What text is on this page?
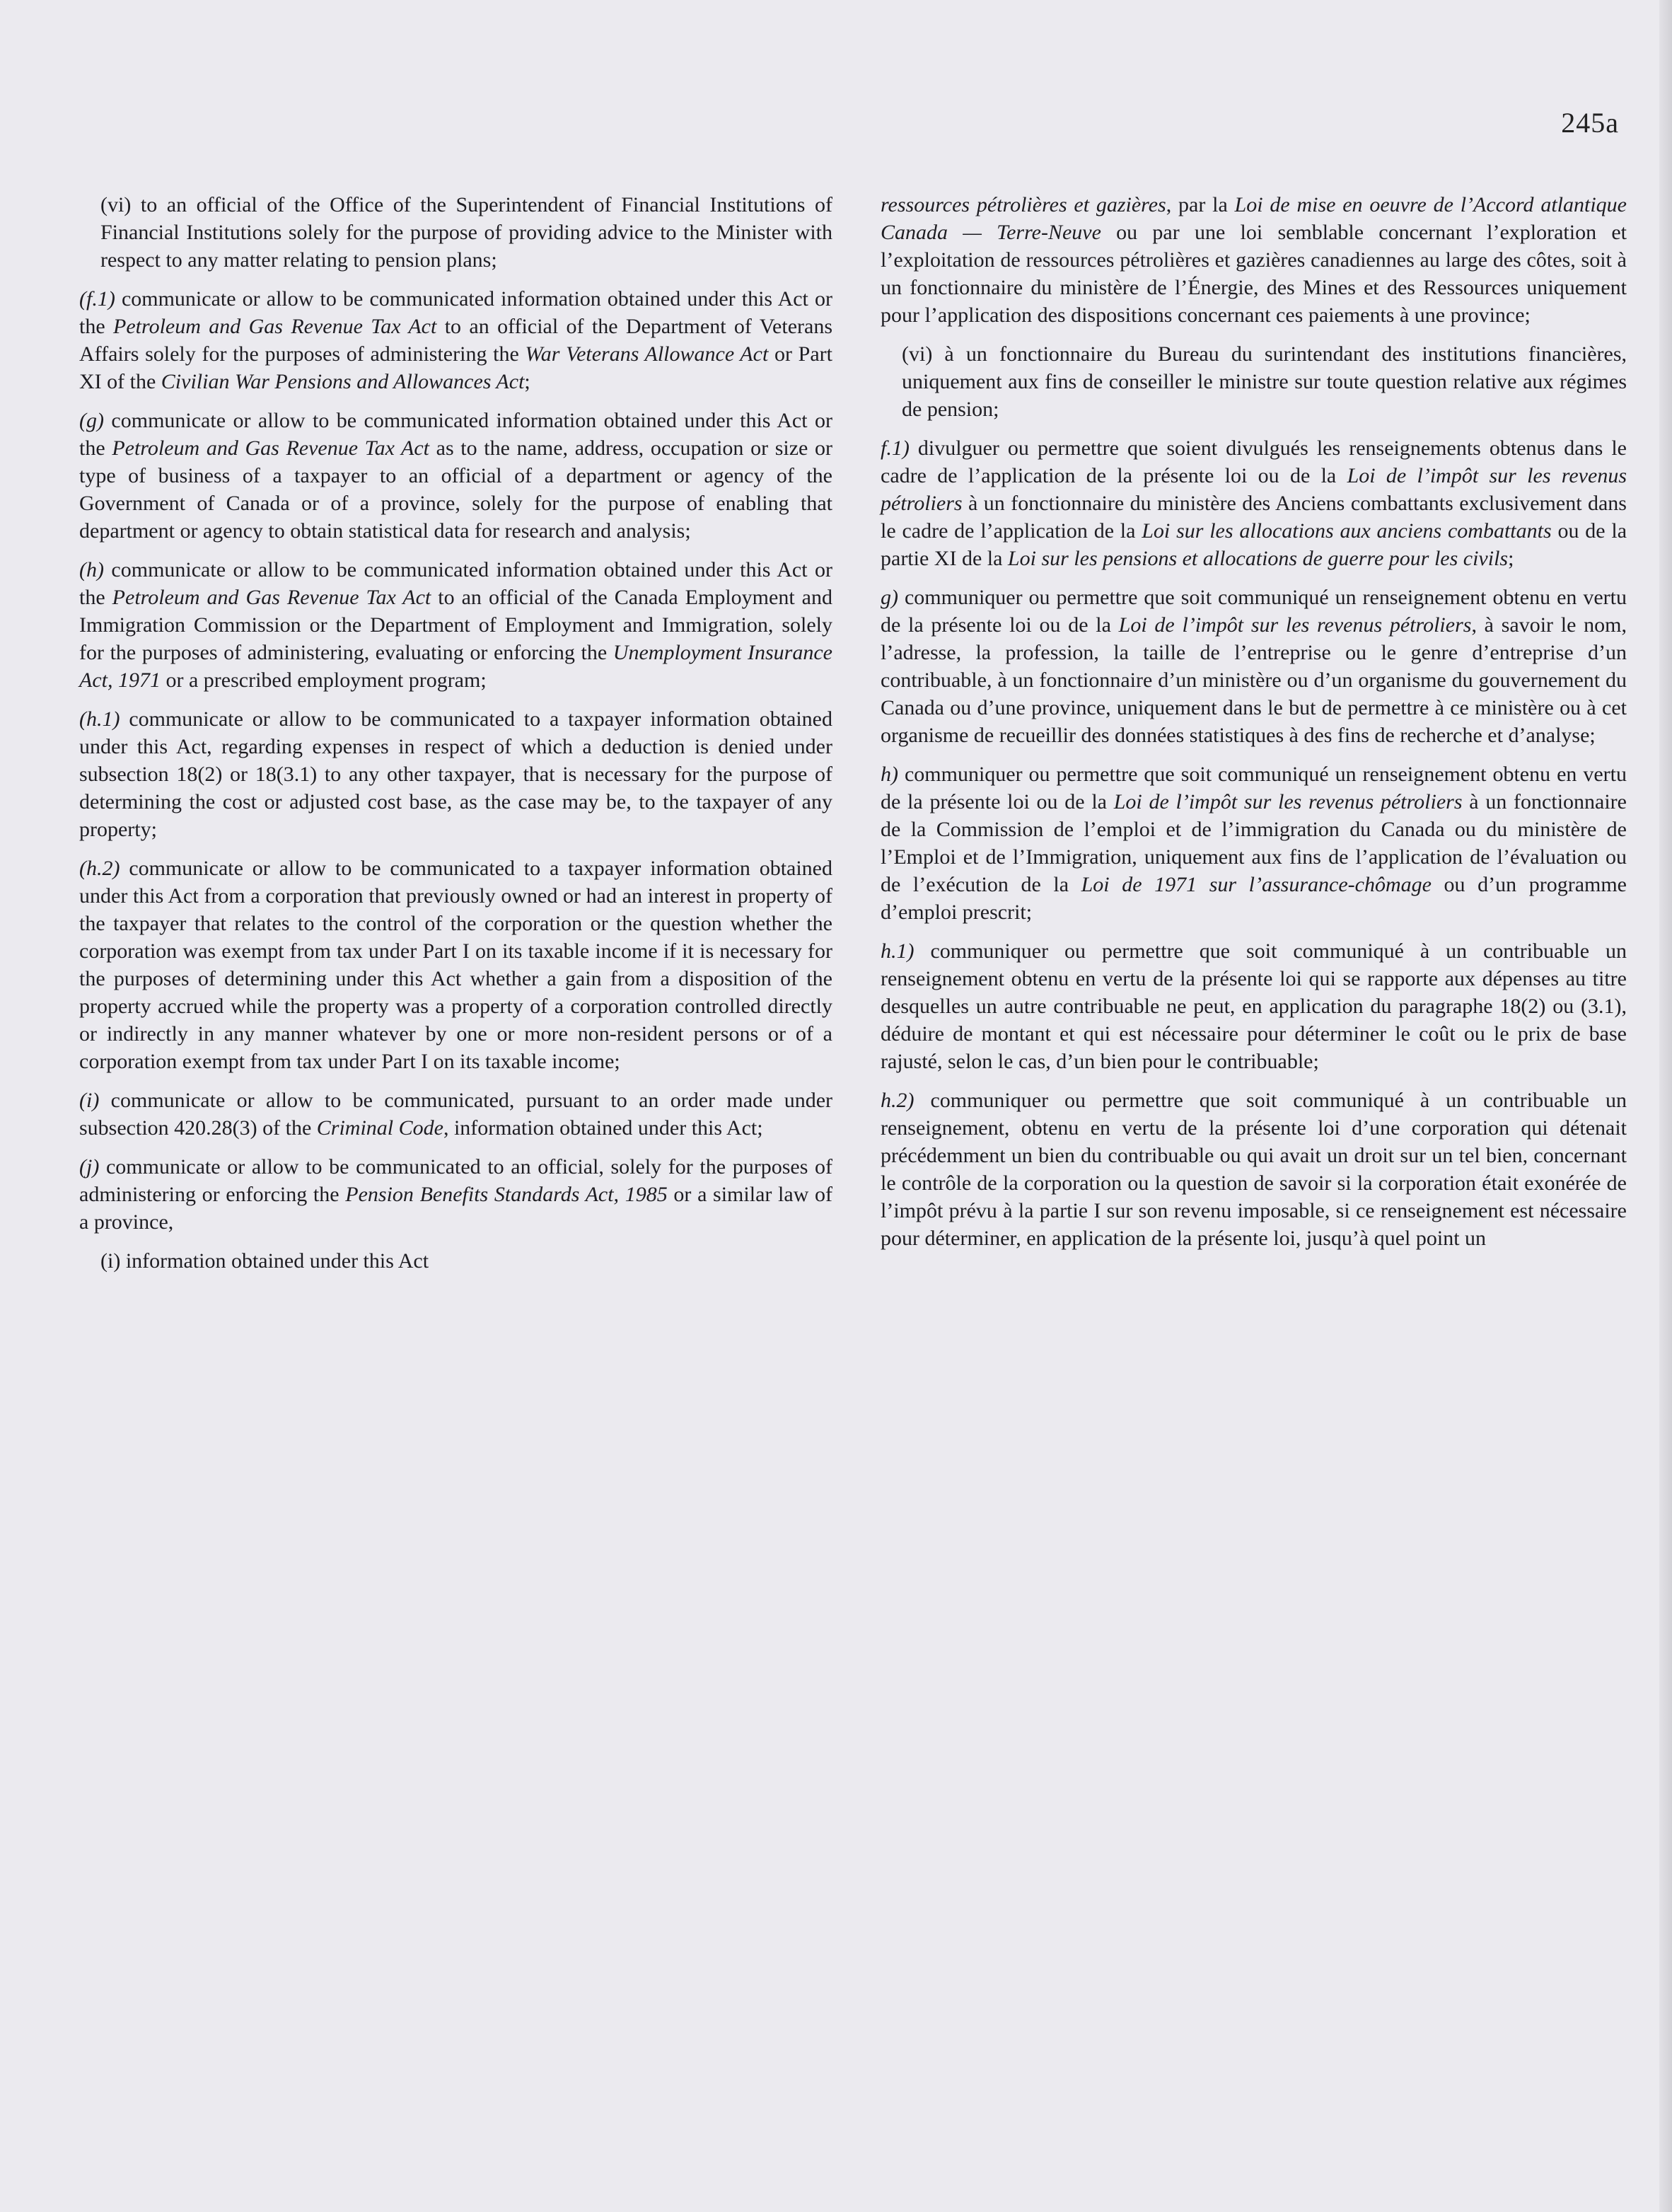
245a

(vi) to an official of the Office of the Superintendent of Financial Institutions of Financial Institutions solely for the purpose of providing advice to the Minister with respect to any matter relating to pension plans;

(f.1) communicate or allow to be communicated information obtained under this Act or the Petroleum and Gas Revenue Tax Act to an official of the Department of Veterans Affairs solely for the purposes of administering the War Veterans Allowance Act or Part XI of the Civilian War Pensions and Allowances Act;

(g) communicate or allow to be communicated information obtained under this Act or the Petroleum and Gas Revenue Tax Act as to the name, address, occupation or size or type of business of a taxpayer to an official of a department or agency of the Government of Canada or of a province, solely for the purpose of enabling that department or agency to obtain statistical data for research and analysis;

(h) communicate or allow to be communicated information obtained under this Act or the Petroleum and Gas Revenue Tax Act to an official of the Canada Employment and Immigration Commission or the Department of Employment and Immigration, solely for the purposes of administering, evaluating or enforcing the Unemployment Insurance Act, 1971 or a prescribed employment program;

(h.1) communicate or allow to be communicated to a taxpayer information obtained under this Act, regarding expenses in respect of which a deduction is denied under subsection 18(2) or 18(3.1) to any other taxpayer, that is necessary for the purpose of determining the cost or adjusted cost base, as the case may be, to the taxpayer of any property;

(h.2) communicate or allow to be communicated to a taxpayer information obtained under this Act from a corporation that previously owned or had an interest in property of the taxpayer that relates to the control of the corporation or the question whether the corporation was exempt from tax under Part I on its taxable income if it is necessary for the purposes of determining under this Act whether a gain from a disposition of the property accrued while the property was a property of a corporation controlled directly or indirectly in any manner whatever by one or more non-resident persons or of a corporation exempt from tax under Part I on its taxable income;

(i) communicate or allow to be communicated, pursuant to an order made under subsection 420.28(3) of the Criminal Code, information obtained under this Act;

(j) communicate or allow to be communicated to an official, solely for the purposes of administering or enforcing the Pension Benefits Standards Act, 1985 or a similar law of a province,

(i) information obtained under this Act

ressources pétrolières et gazières, par la Loi de mise en oeuvre de l’Accord atlantique Canada — Terre-Neuve ou par une loi semblable concernant l’exploration et l’exploitation de ressources pétrolières et gazières canadiennes au large des côtes, soit à un fonctionnaire du ministère de l’Énergie, des Mines et des Ressources uniquement pour l’application des dispositions concernant ces paiements à une province;

(vi) à un fonctionnaire du Bureau du surintendant des institutions financières, uniquement aux fins de conseiller le ministre sur toute question relative aux régimes de pension;

f.1) divulguer ou permettre que soient divulgués les renseignements obtenus dans le cadre de l’application de la présente loi ou de la Loi de l’impôt sur les revenus pétroliers à un fonctionnaire du ministère des Anciens combattants exclusivement dans le cadre de l’application de la Loi sur les allocations aux anciens combattants ou de la partie XI de la Loi sur les pensions et allocations de guerre pour les civils;

g) communiquer ou permettre que soit communiqué un renseignement obtenu en vertu de la présente loi ou de la Loi de l’impôt sur les revenus pétroliers, à savoir le nom, l’adresse, la profession, la taille de l’entreprise ou le genre d’entreprise d’un contribuable, à un fonctionnaire d’un ministère ou d’un organisme du gouvernement du Canada ou d’une province, uniquement dans le but de permettre à ce ministère ou à cet organisme de recueillir des données statistiques à des fins de recherche et d’analyse;

h) communiquer ou permettre que soit communiqué un renseignement obtenu en vertu de la présente loi ou de la Loi de l’impôt sur les revenus pétroliers à un fonctionnaire de la Commission de l’emploi et de l’immigration du Canada ou du ministère de l’Emploi et de l’Immigration, uniquement aux fins de l’application de l’évaluation ou de l’exécution de la Loi de 1971 sur l’assurance-chômage ou d’un programme d’emploi prescrit;

h.1) communiquer ou permettre que soit communiqué à un contribuable un renseignement obtenu en vertu de la présente loi qui se rapporte aux dépenses au titre desquelles un autre contribuable ne peut, en application du paragraphe 18(2) ou (3.1), déduire de montant et qui est nécessaire pour déterminer le coût ou le prix de base rajusté, selon le cas, d’un bien pour le contribuable;

h.2) communiquer ou permettre que soit communiqué à un contribuable un renseignement, obtenu en vertu de la présente loi d’une corporation qui détenait précédemment un bien du contribuable ou qui avait un droit sur un tel bien, concernant le contrôle de la corporation ou la question de savoir si la corporation était exonérée de l’impôt prévu à la partie I sur son revenu imposable, si ce renseignement est nécessaire pour déterminer, en application de la présente loi, jusqu’à quel point un
